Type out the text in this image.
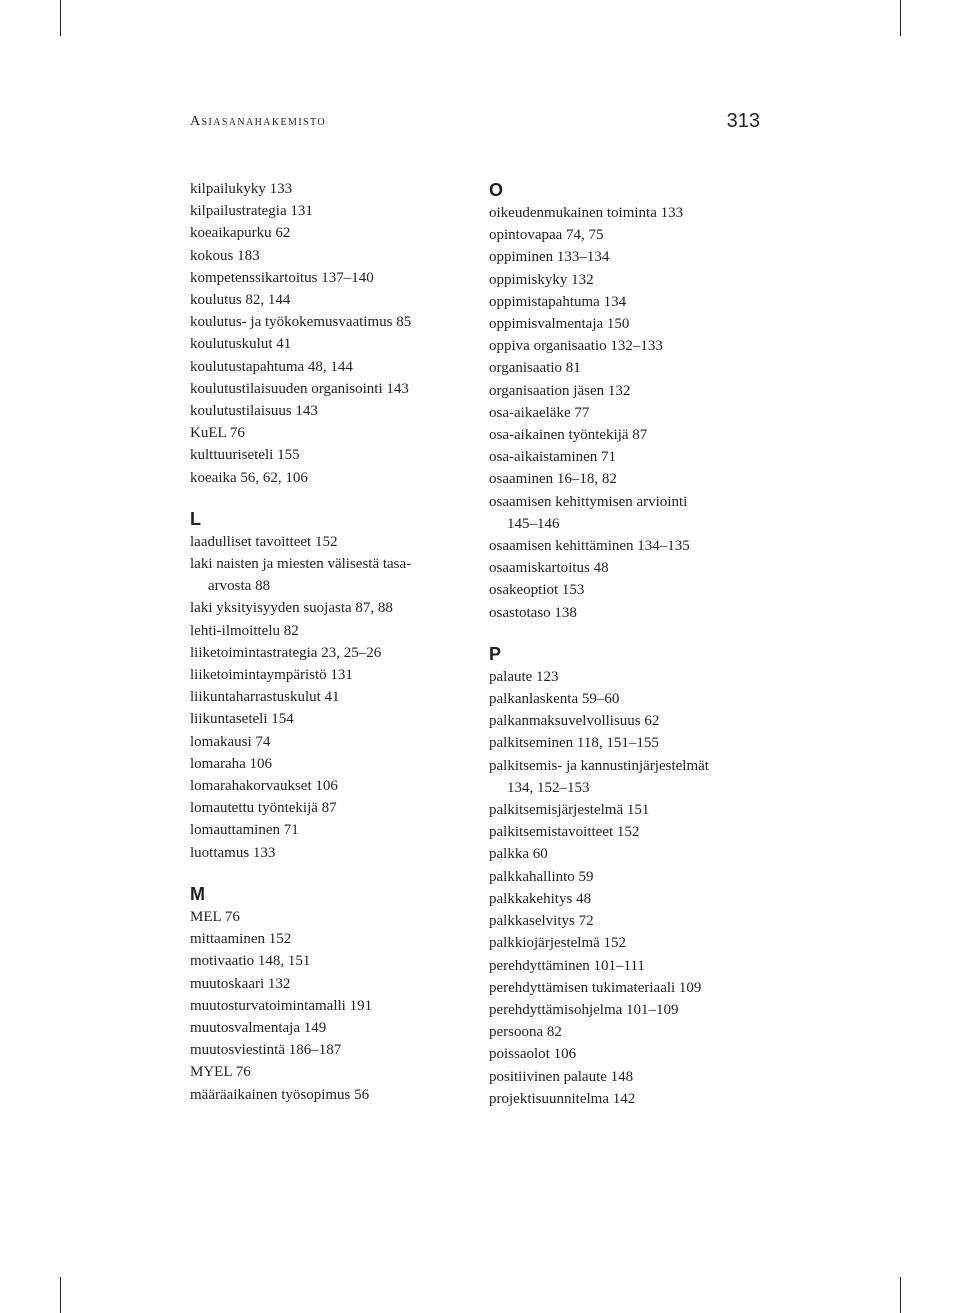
Asiasanahakemisto	313
kilpailukyky 133
kilpailustrategia 131
koeaikapurku 62
kokous 183
kompetenssikartoitus 137–140
koulutus 82, 144
koulutus- ja työkokemusvaatimus 85
koulutuskulut 41
koulutustapahtuma 48, 144
koulutustilaisuuden organisointi 143
koulutustilaisuus 143
KuEL 76
kulttuuriseteli 155
koeaika 56, 62, 106
L
laadulliset tavoitteet 152
laki naisten ja miesten välisestä tasa-
arvosta 88
laki yksityisyyden suojasta 87, 88
lehti-ilmoittelu 82
liiketoimintastrategia 23, 25–26
liiketoimintaympäristö 131
liikuntaharrastuskulut 41
liikuntaseteli 154
lomakausi 74
lomaraha 106
lomarahakorvaukset 106
lomautettu työntekijä 87
lomauttaminen 71
luottamus 133
M
MEL 76
mittaaminen 152
motivaatio 148, 151
muutoskaari 132
muutosturvatoimintamalli 191
muutosvalmentaja 149
muutosviestintä 186–187
MYEL 76
määräaikainen työsopimus 56
O
oikeudenmukainen toiminta 133
opintovapaa 74, 75
oppiminen 133–134
oppimiskyky 132
oppimistapahtuma 134
oppimisvalmentaja 150
oppiva organisaatio 132–133
organisaatio 81
organisaation jäsen 132
osa-aikaeläke 77
osa-aikainen työntekijä 87
osa-aikaistaminen 71
osaaminen 16–18, 82
osaamisen kehittymisen arviointi
145–146
osaamisen kehittäminen 134–135
osaamiskartoitus 48
osakeoptiot 153
osastotaso 138
P
palaute 123
palkanlaskenta 59–60
palkanmaksuvelvollisuus 62
palkitseminen 118, 151–155
palkitsemis- ja kannustinjärjestelmät
134, 152–153
palkitsemisjärjestelmä 151
palkitsemistavoitteet 152
palkka 60
palkkahallinto 59
palkkakehitys 48
palkkaselvitys 72
palkkiojärjestelmä 152
perehdyttäminen 101–111
perehdyttämisen tukimateriaali 109
perehdyttämisohjelma 101–109
persoona 82
poissaolot 106
positiivinen palaute 148
projektisuunnitelma 142
